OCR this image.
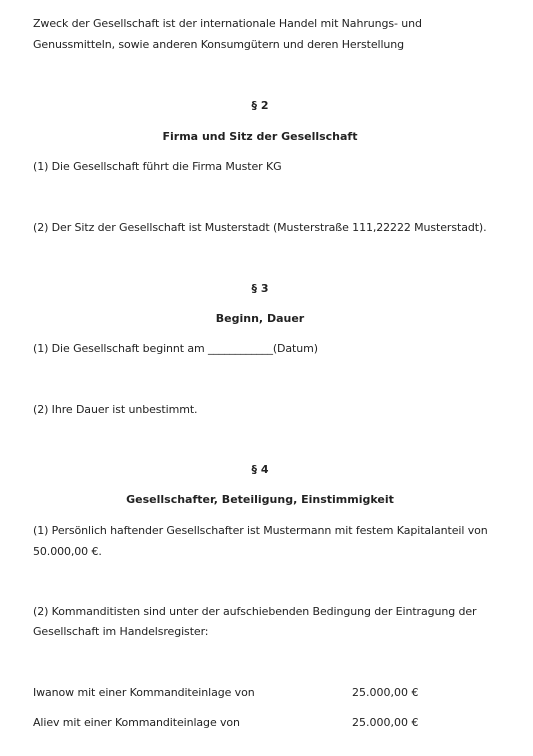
Zweck der Gesellschaft ist der internationale Handel mit Nahrungs- und
Genussmitteln, sowie anderen Konsumgütern und deren Herstellung
§ 2
Firma und Sitz der Gesellschaft
(1) Die Gesellschaft führt die Firma Muster KG
(2) Der Sitz der Gesellschaft ist Musterstadt (Musterstraße 111,22222 Musterstadt).
§ 3
Beginn, Dauer
(1) Die Gesellschaft beginnt am ____________(Datum)
(2) Ihre Dauer ist unbestimmt.
§ 4
Gesellschafter, Beteiligung, Einstimmigkeit
(1) Persönlich haftender Gesellschafter ist Mustermann mit festem Kapitalanteil von
50.000,00 €.
(2) Kommanditisten sind unter der aufschiebenden Bedingung der Eintragung der
Gesellschaft im Handelsregister:
Iwanow mit einer Kommanditeinlage von	25.000,00 €
Aliev mit einer Kommanditeinlage von	25.000,00 €
